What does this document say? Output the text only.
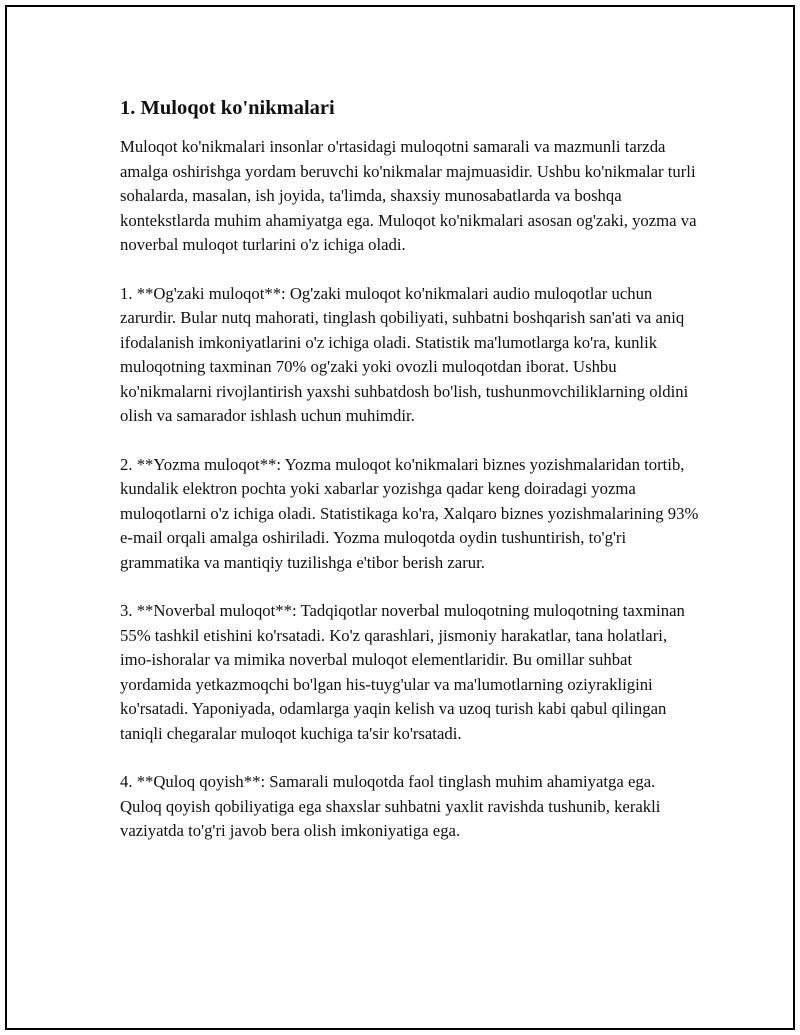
1. Muloqot ko'nikmalari

Muloqot ko'nikmalari insonlar o'rtasidagi muloqotni samarali va mazmunli tarzda amalga oshirishga yordam beruvchi ko'nikmalar majmuasidir. Ushbu ko'nikmalar turli sohalarda, masalan, ish joyida, ta'limda, shaxsiy munosabatlarda va boshqa kontekstlarda muhim ahamiyatga ega. Muloqot ko'nikmalari asosan og'zaki, yozma va noverbal muloqot turlarini o'z ichiga oladi.

1. **Og'zaki muloqot**: Og'zaki muloqot ko'nikmalari audio muloqotlar uchun zarurdir. Bular nutq mahorati, tinglash qobiliyati, suhbatni boshqarish san'ati va aniq ifodalanish imkoniyatlarini o'z ichiga oladi. Statistik ma'lumotlarga ko'ra, kunlik muloqotning taxminan 70% og'zaki yoki ovozli muloqotdan iborat. Ushbu ko'nikmalarni rivojlantirish yaxshi suhbatdosh bo'lish, tushunmovchiliklarning oldini olish va samarador ishlash uchun muhimdir.

2. **Yozma muloqot**: Yozma muloqot ko'nikmalari biznes yozishmalaridan tortib, kundalik elektron pochta yoki xabarlar yozishga qadar keng doiradagi yozma muloqotlarni o'z ichiga oladi. Statistikaga ko'ra, Xalqaro biznes yozishmalarining 93% e-mail orqali amalga oshiriladi. Yozma muloqotda oydin tushuntirish, to'g'ri grammatika va mantiqiy tuzilishga e'tibor berish zarur.

3. **Noverbal muloqot**: Tadqiqotlar noverbal muloqotning muloqotning taxminan 55% tashkil etishini ko'rsatadi. Ko'z qarashlari, jismoniy harakatlar, tana holatlari, imo-ishoralar va mimika noverbal muloqot elementlaridir. Bu omillar suhbat yordamida yetkazmoqchi bo'lgan his-tuyg'ular va ma'lumotlarning oziyrakligini ko'rsatadi. Yaponiyada, odamlarga yaqin kelish va uzoq turish kabi qabul qilingan taniqli chegaralar muloqot kuchiga ta'sir ko'rsatadi.

4. **Quloq qoyish**: Samarali muloqotda faol tinglash muhim ahamiyatga ega. Quloq qoyish qobiliyatiga ega shaxslar suhbatni yaxlit ravishda tushunib, kerakli vaziyatda to'g'ri javob bera olish imkoniyatiga ega.
